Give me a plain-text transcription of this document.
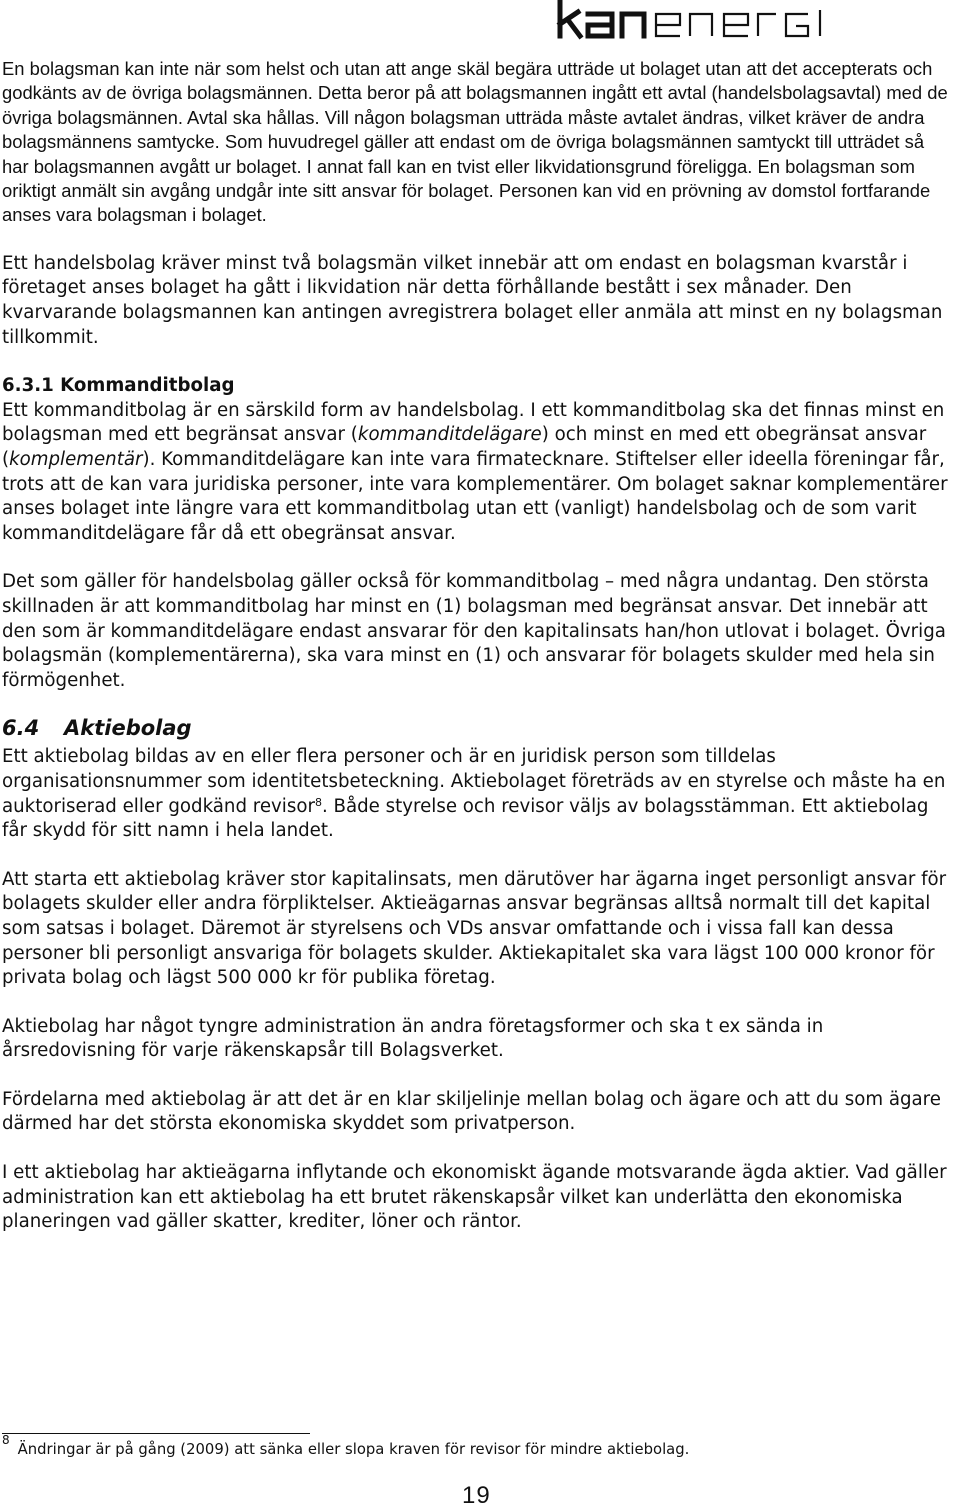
En bolagsman kan inte när som helst och utan att ange skäl begära utträde ut bolaget utan att det accepterats och godkänts av de övriga bolagsmännen. Detta beror på att bolagsmannen ingått ett avtal (handelsbolagsavtal) med de övriga bolagsmännen. Avtal ska hållas. Vill någon bolagsman utträda måste avtalet ändras, vilket kräver de andra bolagsmännens samtycke. Som huvudregel gäller att endast om de övriga bolagsmännen samtyckt till utträdet så har bolagsmannen avgått ur bolaget. I annat fall kan en tvist eller likvidationsgrund föreligga. En bolagsman som oriktigt anmält sin avgång undgår inte sitt ansvar för bolaget. Personen kan vid en prövning av domstol fortfarande anses vara bolagsman i bolaget.

Ett handelsbolag kräver minst två bolagsmän vilket innebär att om endast en bolagsman kvarstår i företaget anses bolaget ha gått i likvidation när detta förhållande bestått i sex månader. Den kvarvarande bolagsmannen kan antingen avregistrera bolaget eller anmäla att minst en ny bolagsman tillkommit.

6.3.1 Kommanditbolag

Ett kommanditbolag är en särskild form av handelsbolag. I ett kommanditbolag ska det finnas minst en bolagsman med ett begränsat ansvar (kommanditdelägare) och minst en med ett obegränsat ansvar (komplementär). Kommanditdelägare kan inte vara firmatecknare. Stiftelser eller ideella föreningar får, trots att de kan vara juridiska personer, inte vara komplementärer. Om bolaget saknar komplementärer anses bolaget inte längre vara ett kommanditbolag utan ett (vanligt) handelsbolag och de som varit kommanditdelägare får då ett obegränsat ansvar.

Det som gäller för handelsbolag gäller också för kommanditbolag – med några undantag. Den största skillnaden är att kommanditbolag har minst en (1) bolagsman med begränsat ansvar. Det innebär att den som är kommanditdelägare endast ansvarar för den kapitalinsats han/hon utlovat i bolaget. Övriga bolagsmän (komplementärerna), ska vara minst en (1) och ansvarar för bolagets skulder med hela sin förmögenhet.

6.4 Aktiebolag

Ett aktiebolag bildas av en eller flera personer och är en juridisk person som tilldelas organisationsnummer som identitetsbeteckning. Aktiebolaget företräds av en styrelse och måste ha en auktoriserad eller godkänd revisor$^8$. Både styrelse och revisor väljs av bolagsstämman. Ett aktiebolag får skydd för sitt namn i hela landet.

Att starta ett aktiebolag kräver stor kapitalinsats, men därutöver har ägarna inget personligt ansvar för bolagets skulder eller andra förpliktelser. Aktieägarnas ansvar begränsas alltså normalt till det kapital som satsas i bolaget. Däremot är styrelsens och VDs ansvar omfattande och i vissa fall kan dessa personer bli personligt ansvariga för bolagets skulder. Aktiekapitalet ska vara lägst 100 000 kronor för privata bolag och lägst 500 000 kr för publika företag.

Aktiebolag har något tyngre administration än andra företagsformer och ska t ex sända in årsredovisning för varje räkenskapsår till Bolagsverket.

Fördelarna med aktiebolag är att det är en klar skiljelinje mellan bolag och ägare och att du som ägare därmed har det största ekonomiska skyddet som privatperson.

I ett aktiebolag har aktieägarna inflytande och ekonomiskt ägande motsvarande ägda aktier. Vad gäller administration kan ett aktiebolag ha ett brutet räkenskapsår vilket kan underlätta den ekonomiska planeringen vad gäller skatter, krediter, löner och räntor.

$^8$Ändringar är på gång (2009) att sänka eller slopa kraven för revisor för mindre aktiebolag.
19
